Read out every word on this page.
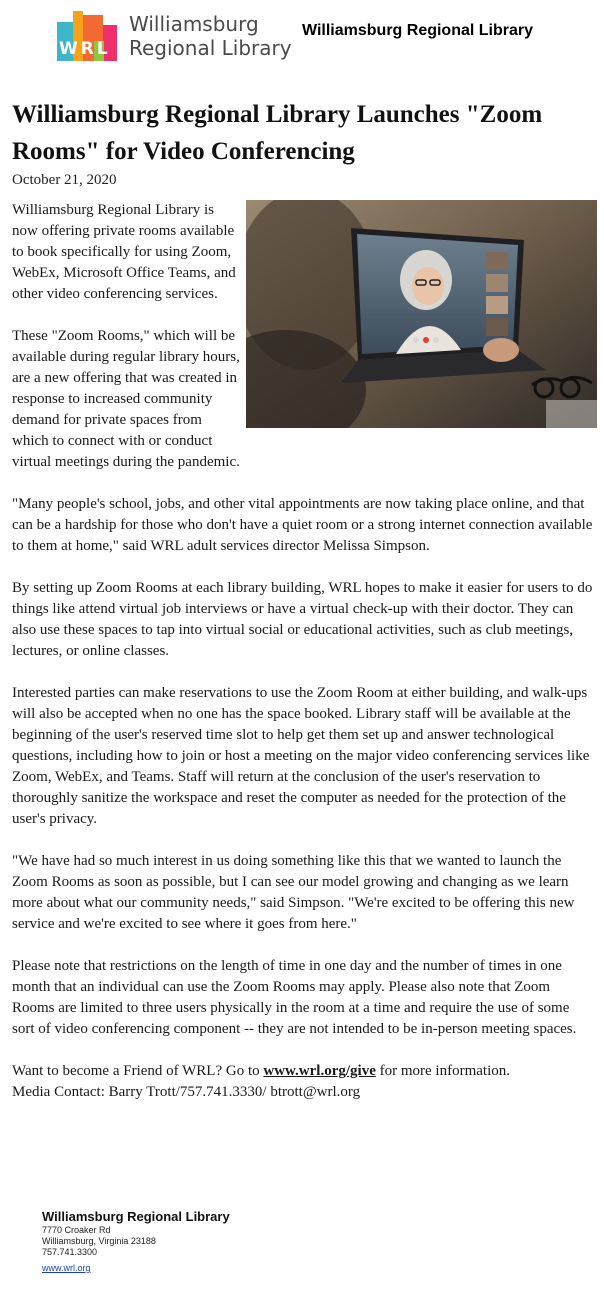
WRL
Williamsburg
Regional Library
Williamsburg Regional Library
Williamsburg Regional Library Launches "Zoom Rooms" for Video Conferencing

October 21, 2020

Williamsburg Regional Library is now offering private rooms available to book specifically for using Zoom, WebEx, Microsoft Office Teams, and other video conferencing services.

These "Zoom Rooms," which will be available during regular library hours, are a new offering that was created in response to increased community demand for private spaces from which to connect with or conduct virtual meetings during the pandemic.

"Many people's school, jobs, and other vital appointments are now taking place online, and that can be a hardship for those who don't have a quiet room or a strong internet connection available to them at home," said WRL adult services director Melissa Simpson.

By setting up Zoom Rooms at each library building, WRL hopes to make it easier for users to do things like attend virtual job interviews or have a virtual check-up with their doctor. They can also use these spaces to tap into virtual social or educational activities, such as club meetings, lectures, or online classes.

Interested parties can make reservations to use the Zoom Room at either building, and walk-ups will also be accepted when no one has the space booked. Library staff will be available at the beginning of the user's reserved time slot to help get them set up and answer technological questions, including how to join or host a meeting on the major video conferencing services like Zoom, WebEx, and Teams. Staff will return at the conclusion of the user's reservation to thoroughly sanitize the workspace and reset the computer as needed for the protection of the user's privacy.

"We have had so much interest in us doing something like this that we wanted to launch the Zoom Rooms as soon as possible, but I can see our model growing and changing as we learn more about what our community needs," said Simpson. "We're excited to be offering this new service and we're excited to see where it goes from here."

Please note that restrictions on the length of time in one day and the number of times in one month that an individual can use the Zoom Rooms may apply. Please also note that Zoom Rooms are limited to three users physically in the room at a time and require the use of some sort of video conferencing component -- they are not intended to be in-person meeting spaces.

Want to become a Friend of WRL? Go to www.wrl.org/give for more information.
Media Contact: Barry Trott/757.741.3330/ btrott@wrl.org

Williamsburg Regional Library
7770 Croaker Rd
Williamsburg, Virginia 23188
757.741.3300
www.wrl.org
